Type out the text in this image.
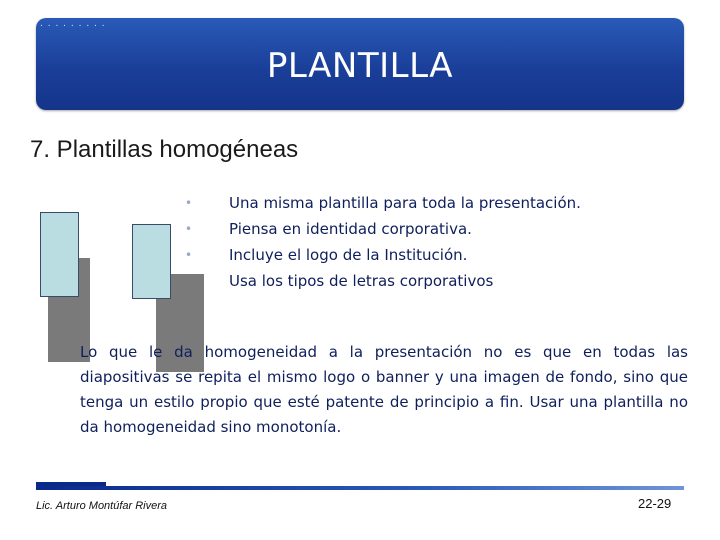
. . . . . . . . .
PLANTILLA
7. Plantillas homogéneas
• Una misma plantilla para toda la presentación.
• Piensa en identidad corporativa.
• Incluye el logo de la Institución.
Usa los tipos de letras corporativos

Lo que le da homogeneidad a la presentación no es que en todas las diapositivas se repita el mismo logo o banner y una imagen de fondo, sino que tenga un estilo propio que esté patente de principio a fin. Usar una plantilla no da homogeneidad sino monotonía.

Lic. Arturo Montúfar Rivera	22-29
